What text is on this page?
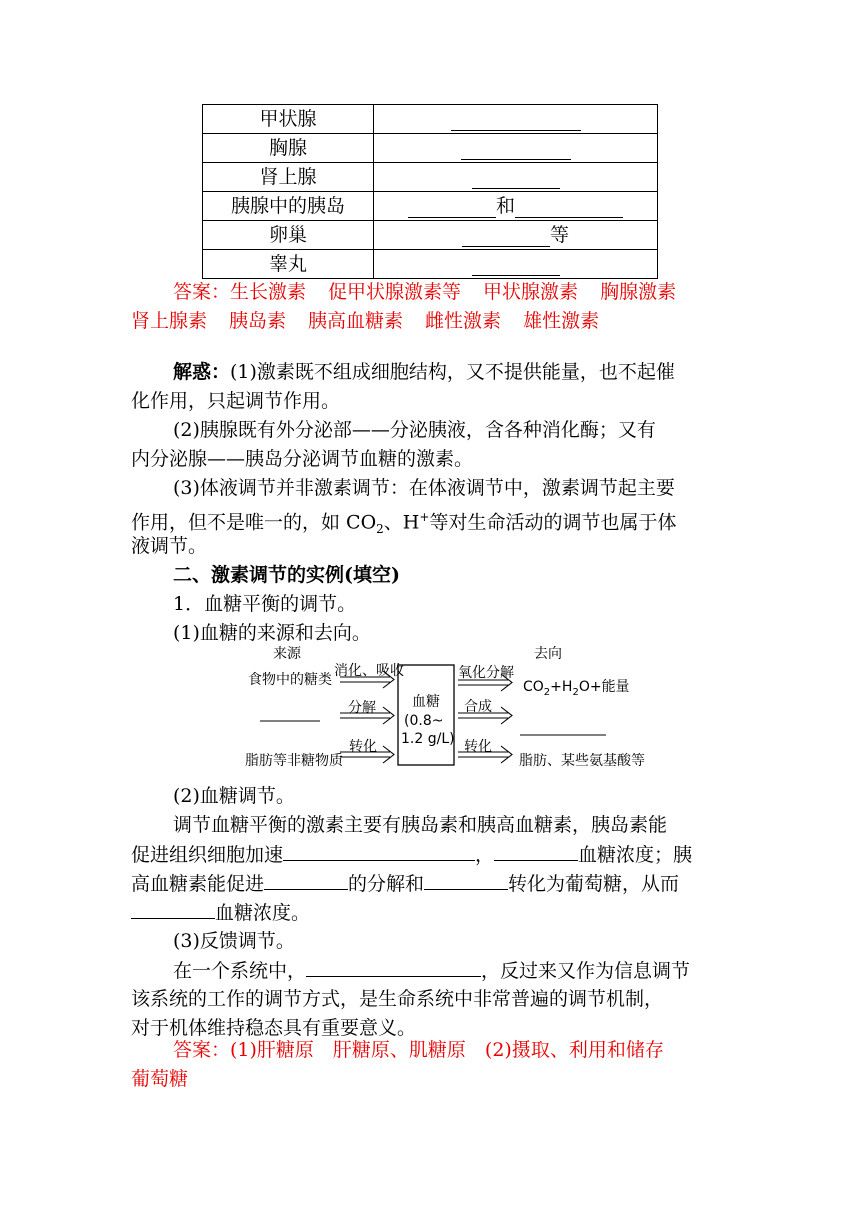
甲状腺	
胸腺	
肾上腺	
胰腺中的胰岛	和
卵巢	等
睾丸	
答案：生长激素 促甲状腺激素等 甲状腺激素 胸腺激素
肾上腺素 胰岛素 胰高血糖素 雌性激素 雄性激素
解惑：(1)激素既不组成细胞结构，又不提供能量，也不起催
化作用，只起调节作用。
(2)胰腺既有外分泌部——分泌胰液，含各种消化酶；又有
内分泌腺——胰岛分泌调节血糖的激素。
(3)体液调节并非激素调节：在体液调节中，激素调节起主要
作用，但不是唯一的，如 $CO_2$、H+等对生命活动的调节也属于体
液调节。
二、激素调节的实例(填空)
1．血糖平衡的调节。
(1)血糖的来源和去向。
来源	去向
食物中的糖类
消化、吸收
分解
转化
脂肪等非糖物质
血糖
(0.8~
1.2 g/L)
氧化分解
合成
转化
$CO_2+H_2O+$能量
脂肪、某些氨基酸等
(2)血糖调节。
调节血糖平衡的激素主要有胰岛素和胰高血糖素，胰岛素能
促进组织细胞加速	，	血糖浓度；胰
高血糖素能促进	的分解和	转化为葡萄糖，从而
血糖浓度。
(3)反馈调节。
在一个系统中，	，反过来又作为信息调节
该系统的工作的调节方式，是生命系统中非常普遍的调节机制，
对于机体维持稳态具有重要意义。
答案：(1)肝糖原　肝糖原、肌糖原　(2)摄取、利用和储存
葡萄糖
